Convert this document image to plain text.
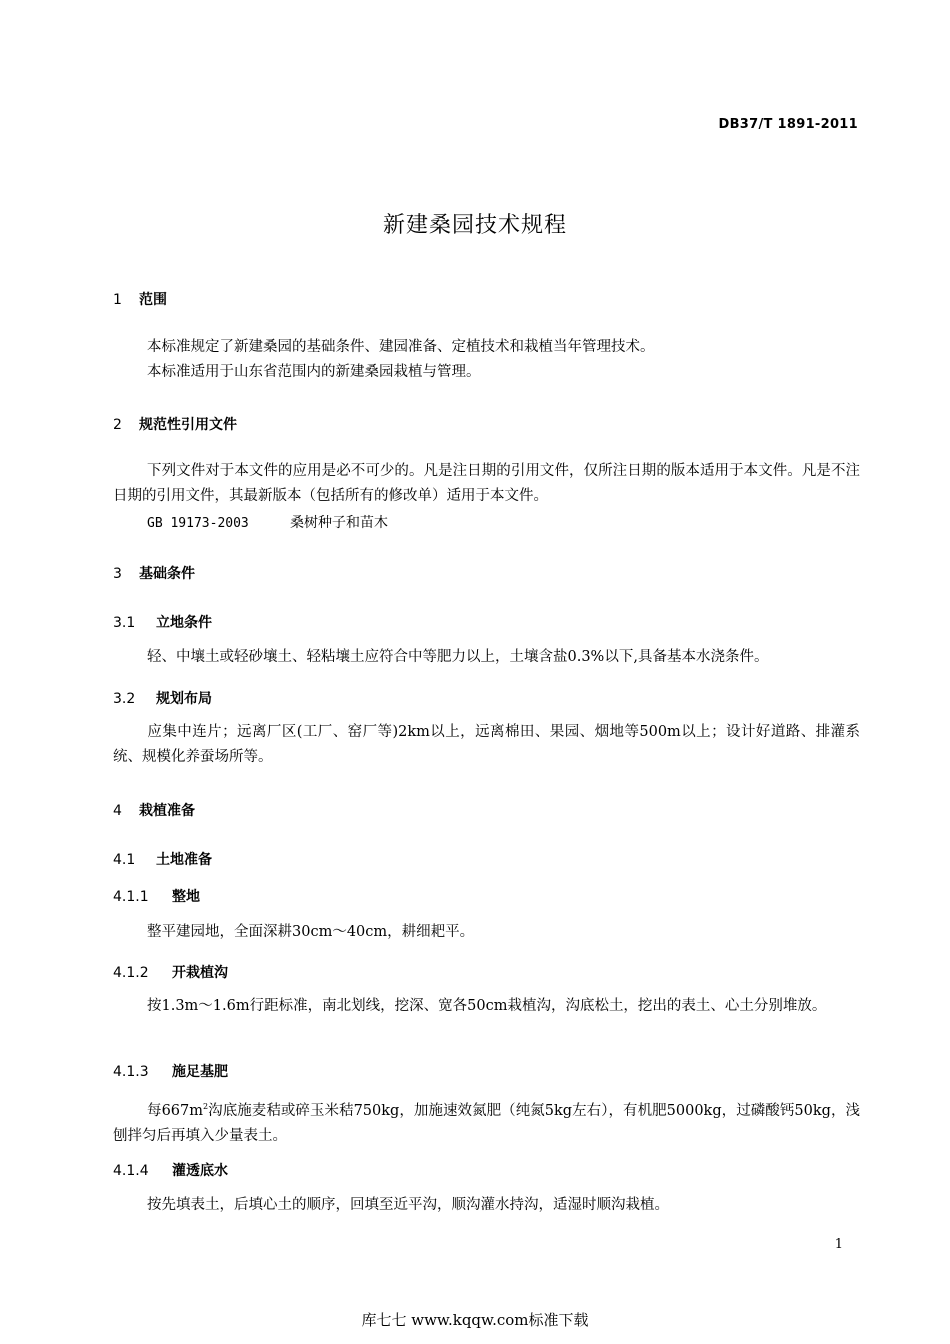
DB37/T 1891-2011
新建桑园技术规程
1 范围

本标准规定了新建桑园的基础条件、建园准备、定植技术和栽植当年管理技术。

本标准适用于山东省范围内的新建桑园栽植与管理。

2 规范性引用文件

下列文件对于本文件的应用是必不可少的。凡是注日期的引用文件，仅所注日期的版本适用于本文件。凡是不注日期的引用文件，其最新版本（包括所有的修改单）适用于本文件。

GB 19173-2003	桑树种子和苗木
3 基础条件
3.1 立地条件

轻、中壤土或轻砂壤土、轻粘壤土应符合中等肥力以上，土壤含盐0.3%以下,具备基本水浇条件。

3.2 规划布局

应集中连片；远离厂区(工厂、窑厂等)2km以上，远离棉田、果园、烟地等500m以上；设计好道路、排灌系统、规模化养蚕场所等。

4 栽植准备
4.1 土地准备
4.1.1 整地

整平建园地，全面深耕30cm～40cm，耕细耙平。

4.1.2 开栽植沟

按1.3m～1.6m行距标准，南北划线，挖深、宽各50cm栽植沟，沟底松土，挖出的表土、心土分别堆放。

4.1.3 施足基肥

每$667m^2$沟底施麦秸或碎玉米秸750kg，加施速效氮肥（纯氮5kg左右），有机肥5000kg，过磷酸钙50kg，浅刨拌匀后再填入少量表土。

4.1.4 灌透底水

按先填表土，后填心土的顺序，回填至近平沟，顺沟灌水持沟，适湿时顺沟栽植。

1
库七七 www.kqqw.com标准下载
